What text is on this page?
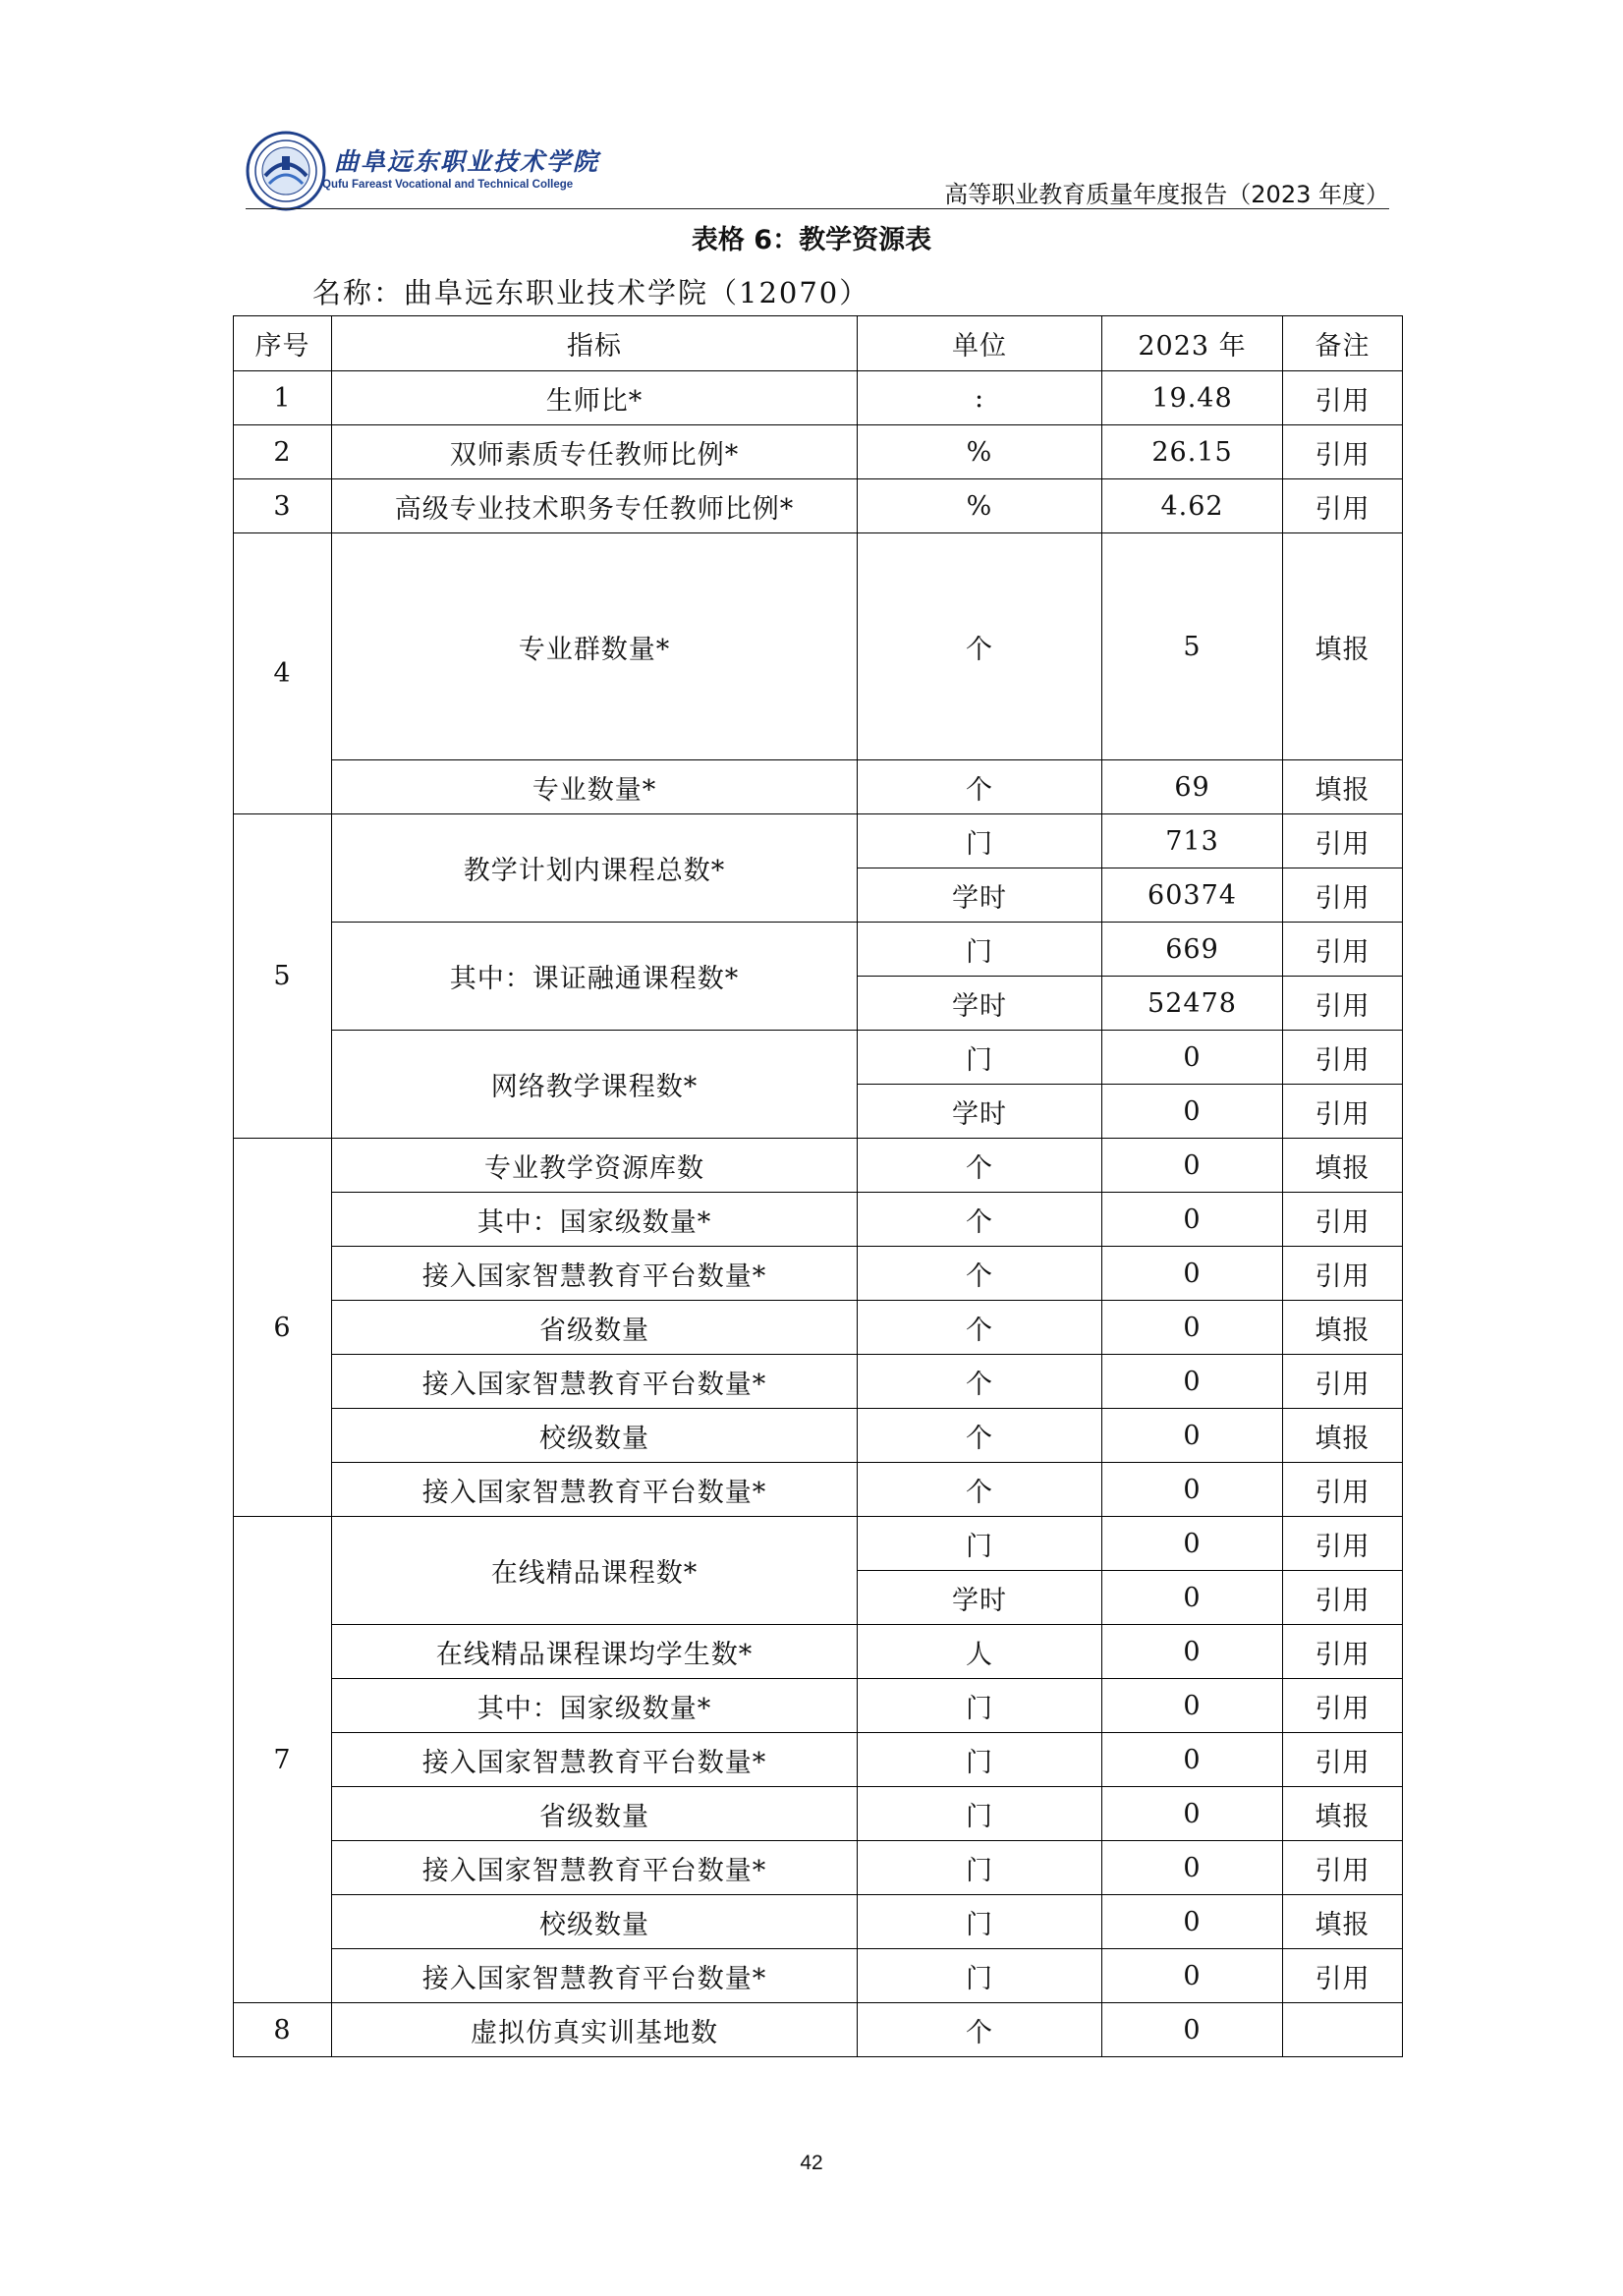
曲阜远东职业技术学院
Qufu Fareast Vocational and Technical College	高等职业教育质量年度报告（2023 年度）
表格 6：教学资源表
名称：曲阜远东职业技术学院（12070）
序号	指标	单位	2023 年	备注
1	生师比*	:	19.48	引用
2	双师素质专任教师比例*	%	26.15	引用
3	高级专业技术职务专任教师比例*	%	4.62	引用
4	专业群数量*	个	5	填报
	专业数量*	个	69	填报
5	教学计划内课程总数*	门	713	引用
		学时	60374	引用
	其中：课证融通课程数*	门	669	引用
		学时	52478	引用
	网络教学课程数*	门	0	引用
		学时	0	引用
6	专业教学资源库数	个	0	填报
	其中：国家级数量*	个	0	引用
	接入国家智慧教育平台数量*	个	0	引用
	省级数量	个	0	填报
	接入国家智慧教育平台数量*	个	0	引用
	校级数量	个	0	填报
	接入国家智慧教育平台数量*	个	0	引用
7	在线精品课程数*	门	0	引用
		学时	0	引用
	在线精品课程课均学生数*	人	0	引用
	其中：国家级数量*	门	0	引用
	接入国家智慧教育平台数量*	门	0	引用
	省级数量	门	0	填报
	接入国家智慧教育平台数量*	门	0	引用
	校级数量	门	0	填报
	接入国家智慧教育平台数量*	门	0	引用
8	虚拟仿真实训基地数	个	0	
42
